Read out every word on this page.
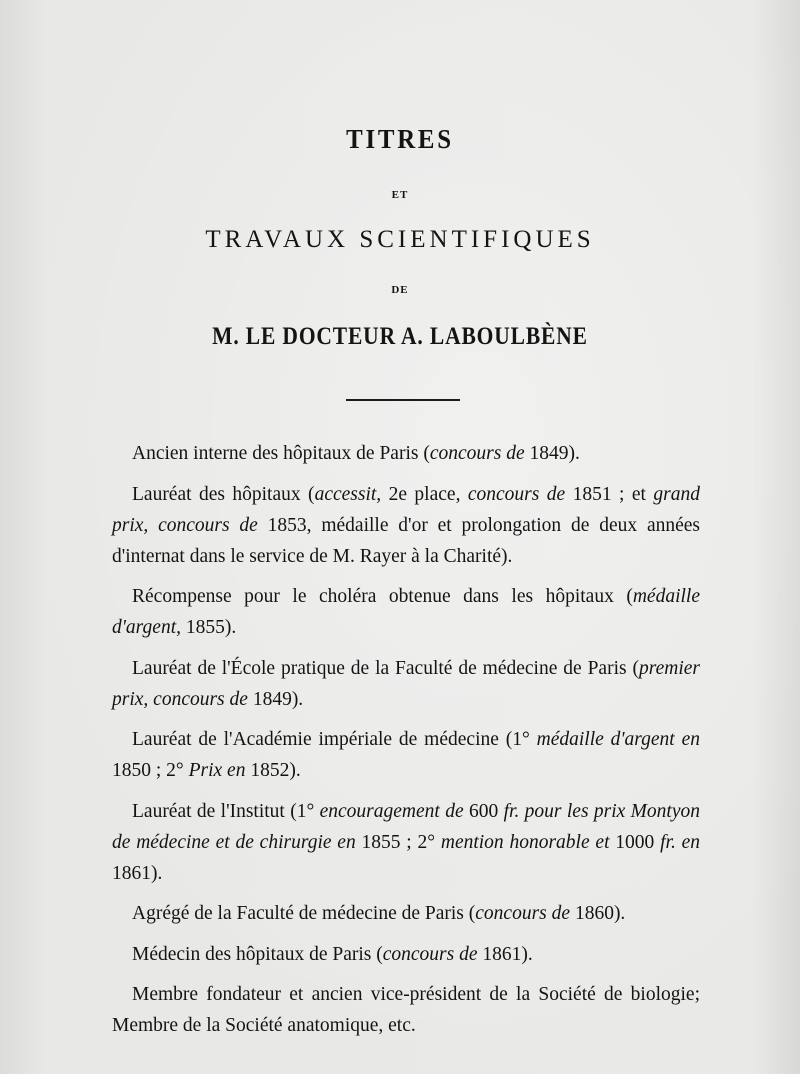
TITRES
ET
TRAVAUX SCIENTIFIQUES
DE
M. LE DOCTEUR A. LABOULBÈNE

Ancien interne des hôpitaux de Paris (concours de 1849).

Lauréat des hôpitaux (accessit, 2e place, concours de 1851 ; et grand prix, concours de 1853, médaille d'or et prolongation de deux années d'internat dans le service de M. Rayer à la Charité).

Récompense pour le choléra obtenue dans les hôpitaux (médaille d'argent, 1855).

Lauréat de l'École pratique de la Faculté de médecine de Paris (premier prix, concours de 1849).

Lauréat de l'Académie impériale de médecine (1° médaille d'argent en 1850 ; 2° Prix en 1852).

Lauréat de l'Institut (1° encouragement de 600 fr. pour les prix Montyon de médecine et de chirurgie en 1855 ; 2° mention honorable et 1000 fr. en 1861).

Agrégé de la Faculté de médecine de Paris (concours de 1860).

Médecin des hôpitaux de Paris (concours de 1861).

Membre fondateur et ancien vice-président de la Société de biologie; Membre de la Société anatomique, etc.
